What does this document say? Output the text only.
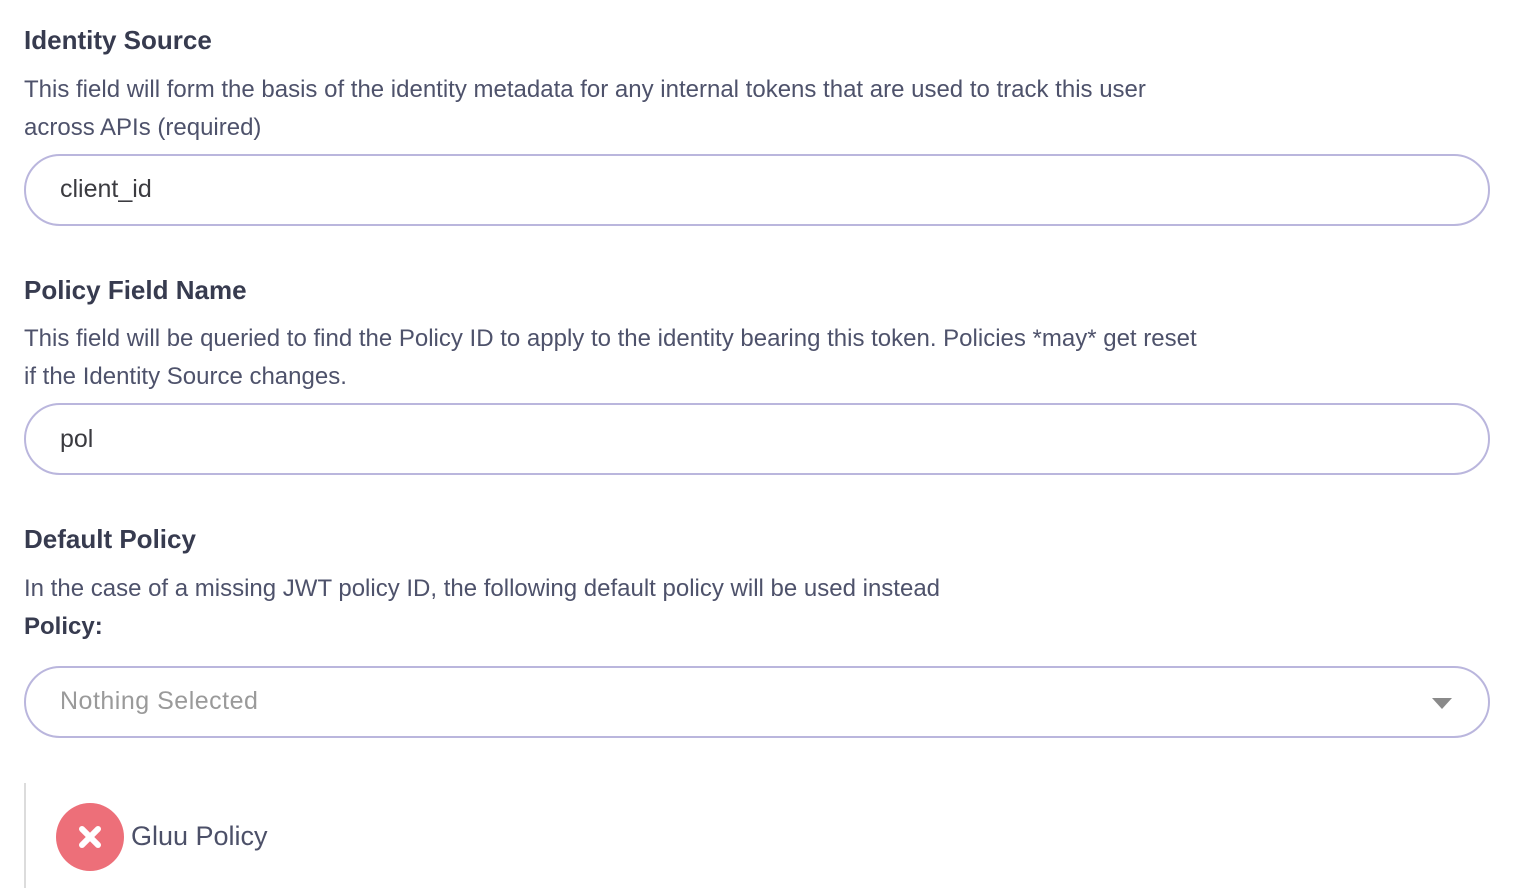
Identity Source

This field will form the basis of the identity metadata for any internal tokens that are used to track this user
across APIs (required)

client_id
Policy Field Name

This field will be queried to find the Policy ID to apply to the identity bearing this token. Policies *may* get reset
if the Identity Source changes.

pol
Default Policy

In the case of a missing JWT policy ID, the following default policy will be used instead

Policy:

Nothing Selected
Gluu Policy
